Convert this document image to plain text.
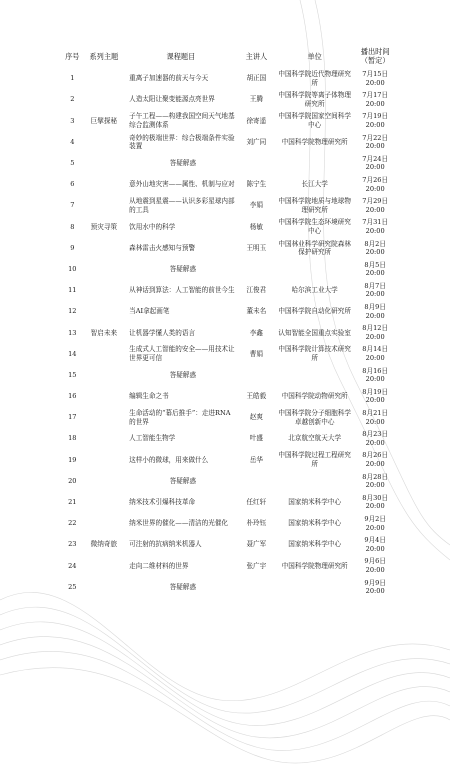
序号	系列主题	课程题目	主讲人	单位	播出时间（暂定）
1	巨擘探秘	重离子加速器的前天与今天	胡正国	中国科学院近代物理研究所	7月15日 20:00
2		人造太阳让聚变能源点亮世界	王腾	中国科学院等离子体物理研究所	7月17日 20:00
3		子午工程——构建我国空间天气地基综合监测体系	徐寄遥	中国科学院国家空间科学中心	7月19日 20:00
4		奇妙的极端世界：综合极端条件实验装置	刘广同	中国科学院物理研究所	7月22日 20:00
5		答疑解惑			7月24日 20:00
6	预灾寻策	意外山地灾害——属性、机制与应对	陈宁生	长江大学	7月26日 20:00
7		从地震到星震——认识多彩星球内部的工具	李娟	中国科学院地质与地球物理研究所	7月29日 20:00
8		饮用水中的科学	杨敏	中国科学院生态环境研究中心	7月31日 20:00
9		森林雷击火感知与预警	王明玉	中国林业科学研究院森林保护研究所	8月2日 20:00
10		答疑解惑			8月5日 20:00
11	智启未来	从神话到算法：人工智能的前世今生	江俊君	哈尔滨工业大学	8月7日 20:00
12		当AI拿起画笔	董未名	中国科学院自动化研究所	8月9日 20:00
13		让机器学懂人类的语言	李鑫	认知智能全国重点实验室	8月12日 20:00
14		生成式人工智能的安全——用技术让世界更可信	曹娟	中国科学院计算技术研究所	8月14日 20:00
15		答疑解惑			8月16日 20:00
16		编辑生命之书	王皓毅	中国科学院动物研究所	8月19日 20:00
17		生命活动的“幕后推手”：走进RNA的世界	赵爽	中国科学院分子细胞科学卓越创新中心	8月21日 20:00
18		人工智能生物学	叶盛	北京航空航天大学	8月23日 20:00
19		这样小的微球，用来做什么	岳华	中国科学院过程工程研究所	8月26日 20:00
20		答疑解惑			8月28日 20:00
21	微纳奇旅	纳米技术引爆科技革命	任红轩	国家纳米科学中心	8月30日 20:00
22		纳米世界的催化——清洁的光催化	朴玲钰	国家纳米科学中心	9月2日 20:00
23		可注射的抗病纳米机器人	聂广军	国家纳米科学中心	9月4日 20:00
24		走向二维材料的世界	张广宇	中国科学院物理研究所	9月6日 20:00
25		答疑解惑			9月9日 20:00
